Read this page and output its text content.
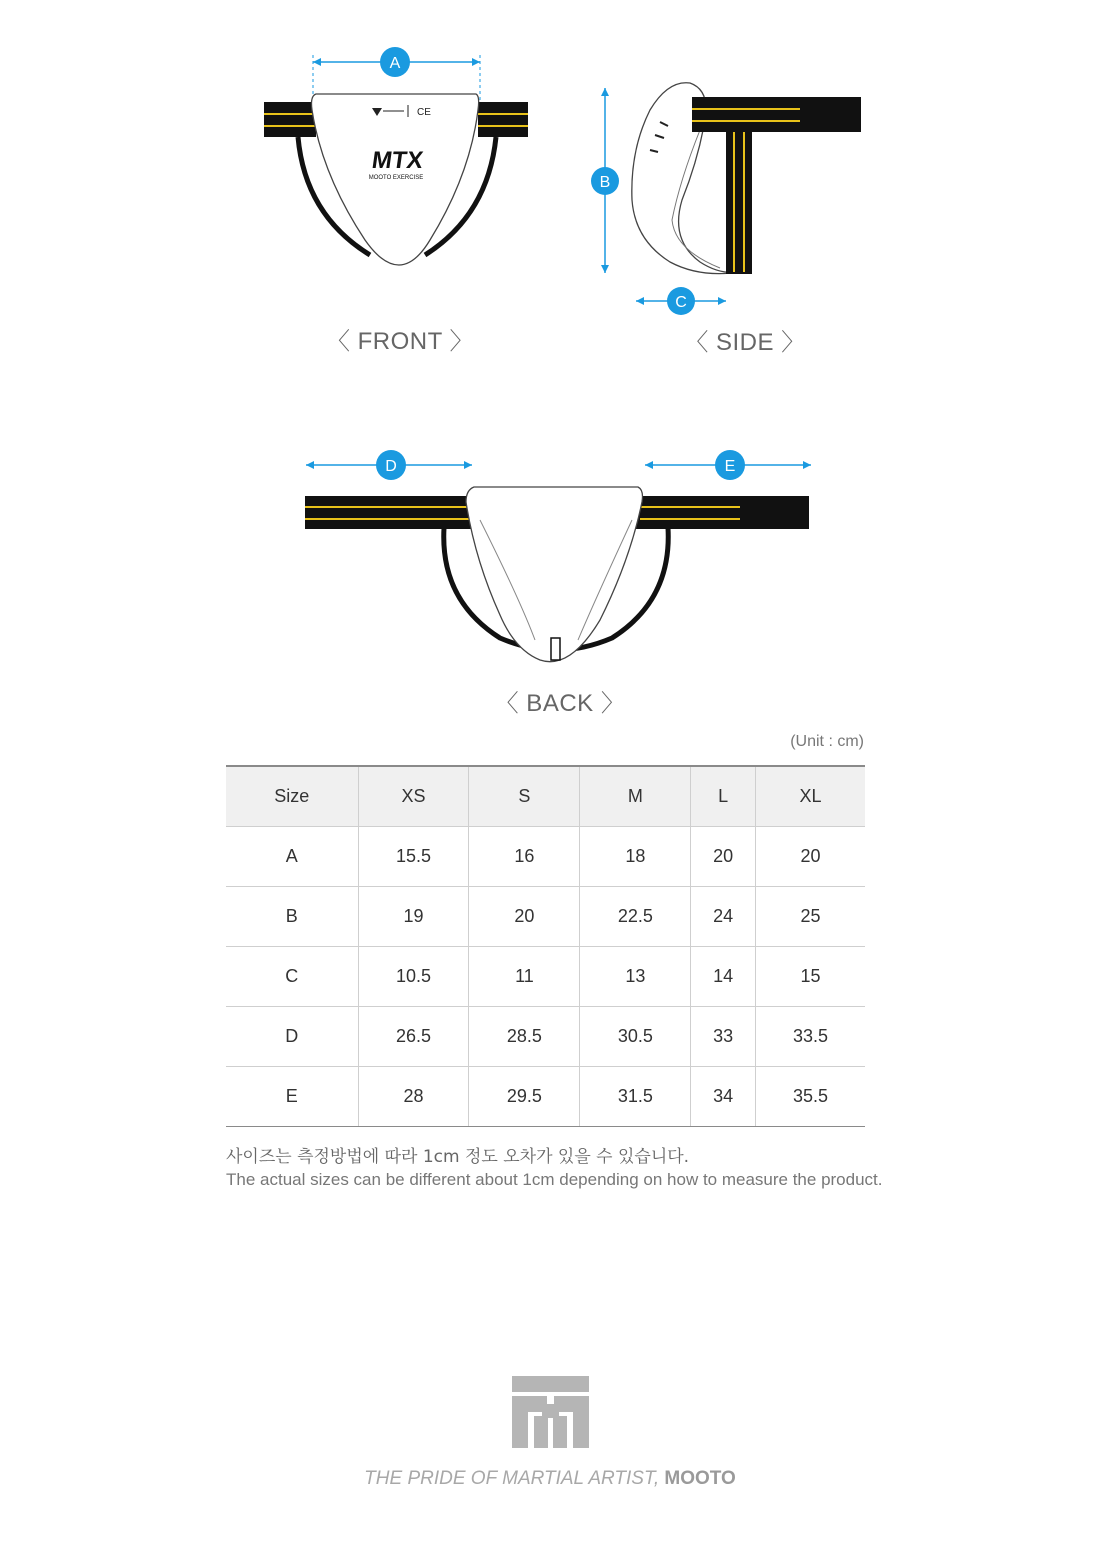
A
CE
MTX
MOOTO EXERCISE
〈 FRONT 〉
B
C
〈 SIDE 〉
D	E
〈 BACK 〉
(Unit : cm)
Size	XS	S	M	L	XL
A	15.5	16	18	20	20
B	19	20	22.5	24	25
C	10.5	11	13	14	15
D	26.5	28.5	30.5	33	33.5
E	28	29.5	31.5	34	35.5
사이즈는 측정방법에 따라 1cm 정도 오차가 있을 수 있습니다.
The actual sizes can be different about 1cm depending on how to measure the product.
THE PRIDE OF MARTIAL ARTIST, MOOTO
